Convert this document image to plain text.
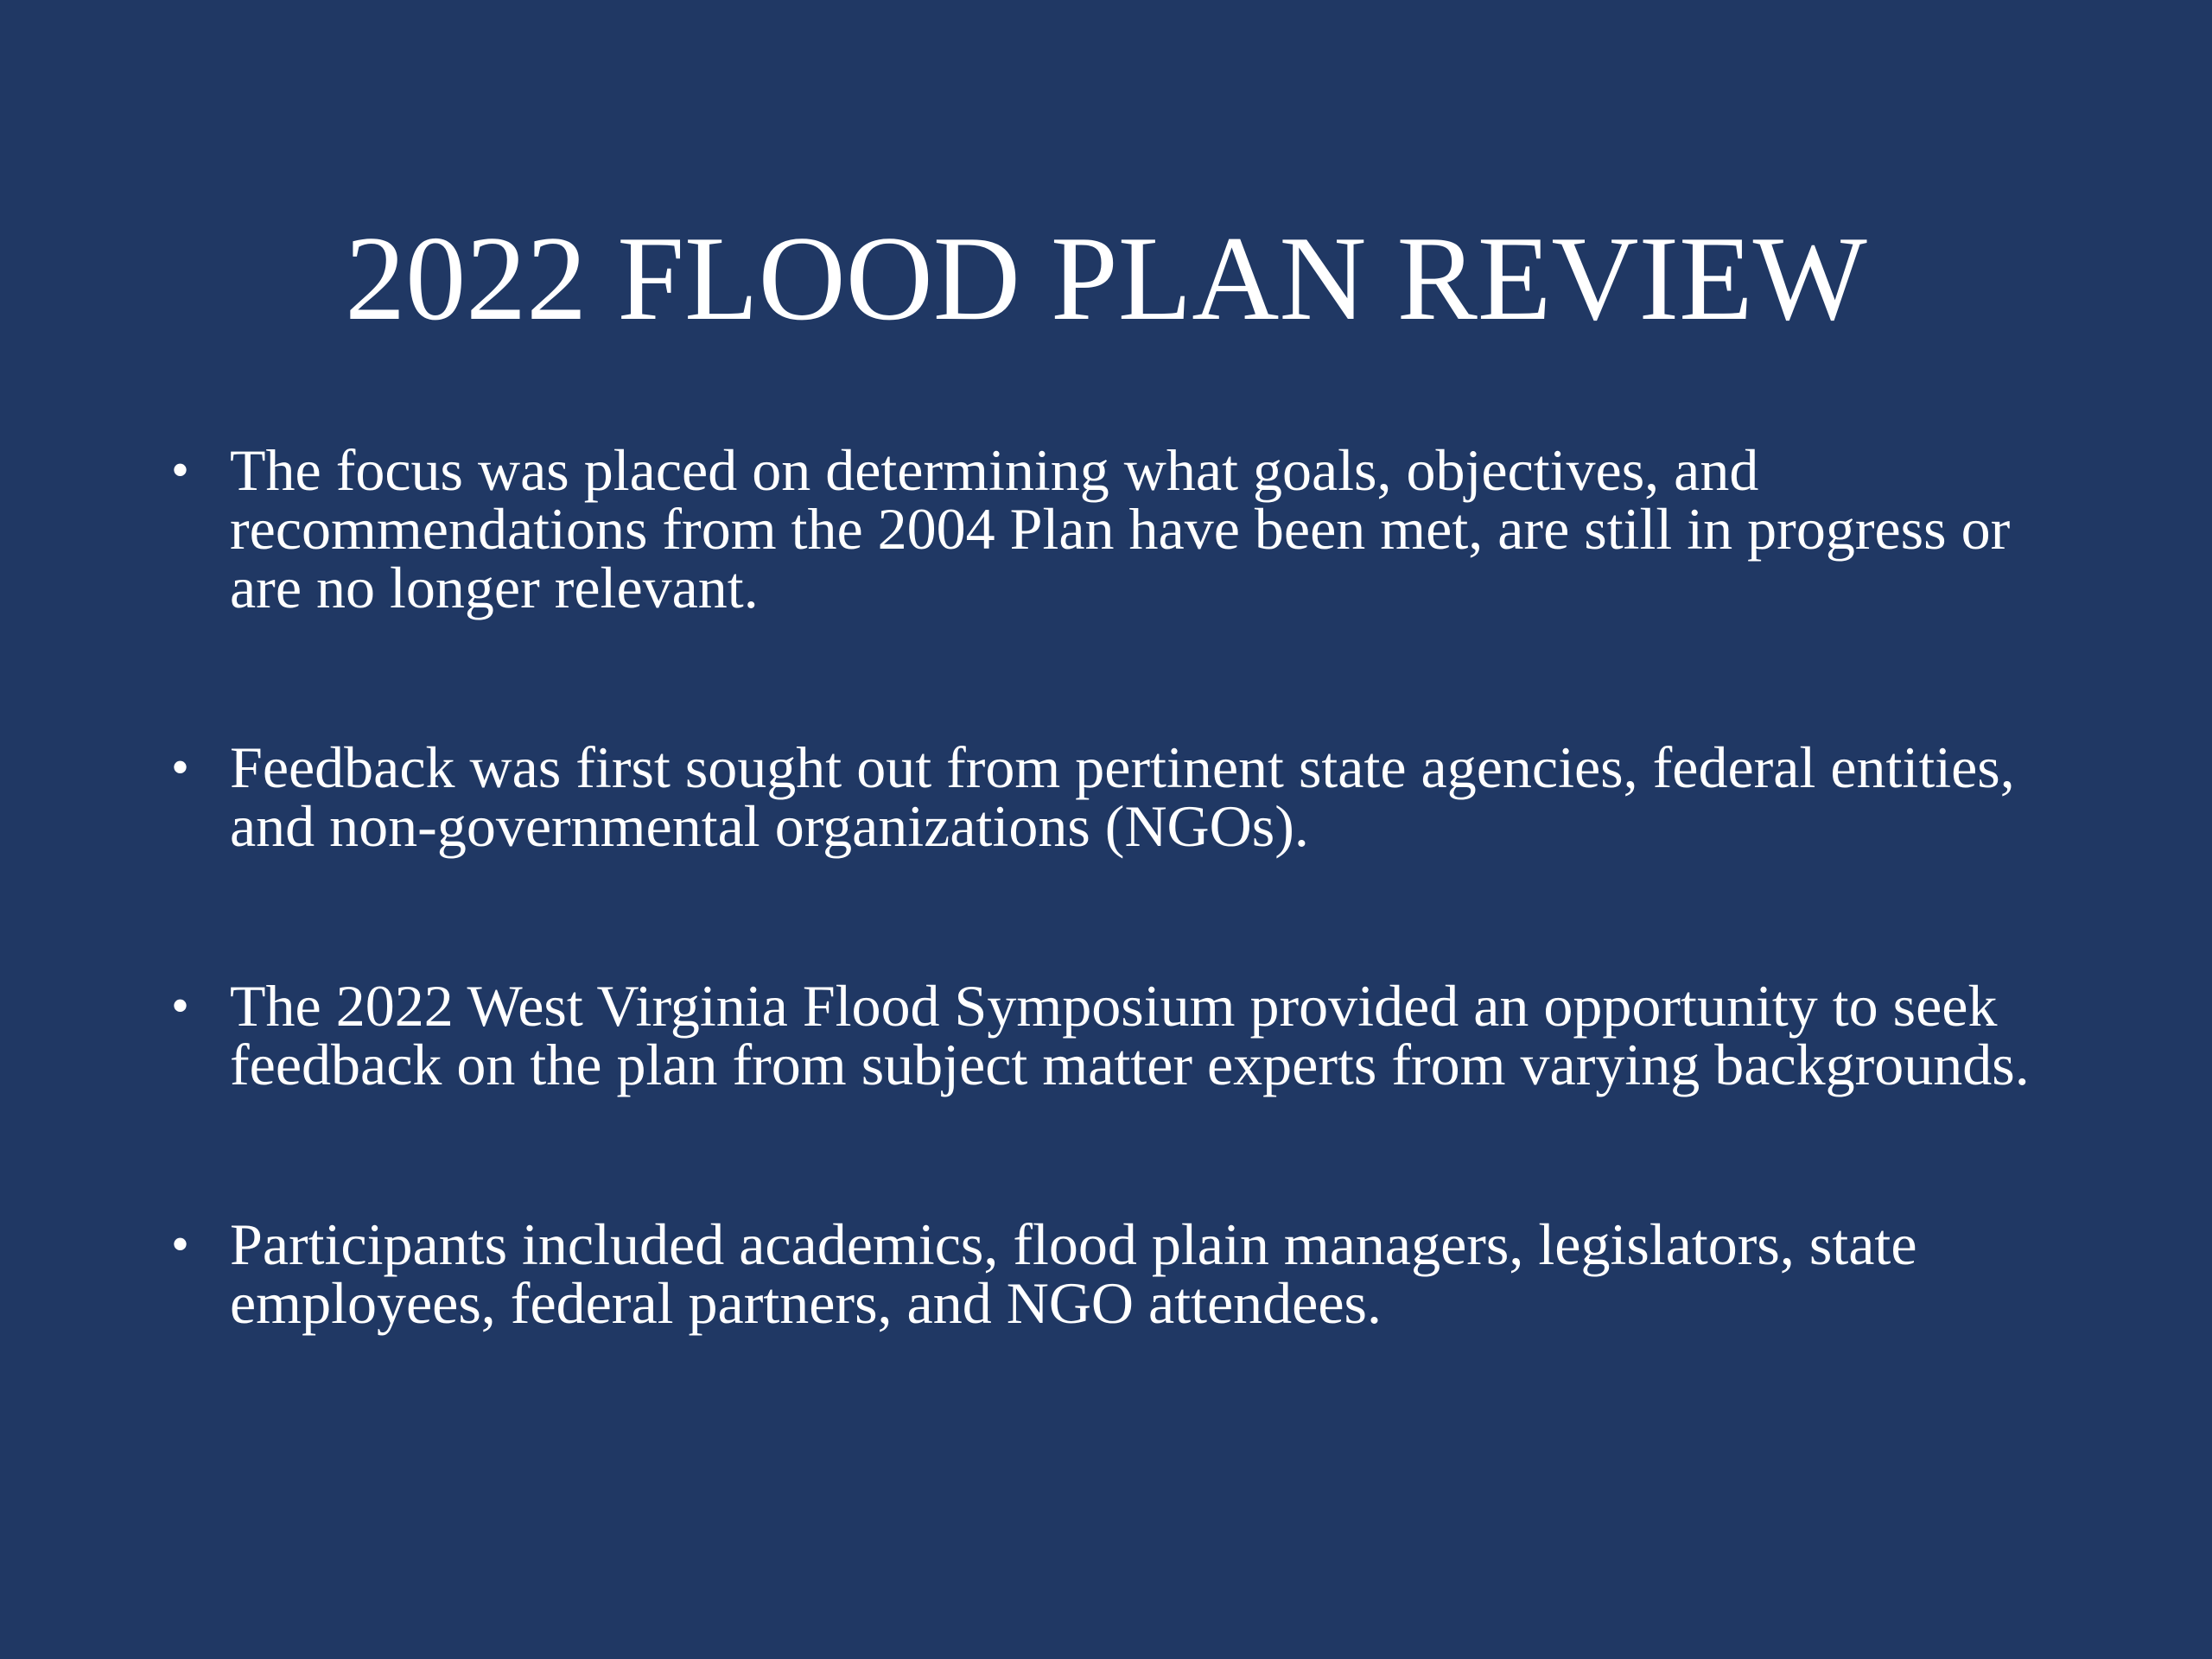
2022 FLOOD PLAN REVIEW
• The focus was placed on determining what goals, objectives, and recommendations from the 2004 Plan have been met, are still in progress or are no longer relevant.
• Feedback was first sought out from pertinent state agencies, federal entities, and non-governmental organizations (NGOs).
• The 2022 West Virginia Flood Symposium provided an opportunity to seek feedback on the plan from subject matter experts from varying backgrounds.
• Participants included academics, flood plain managers, legislators, state employees, federal partners, and NGO attendees.
